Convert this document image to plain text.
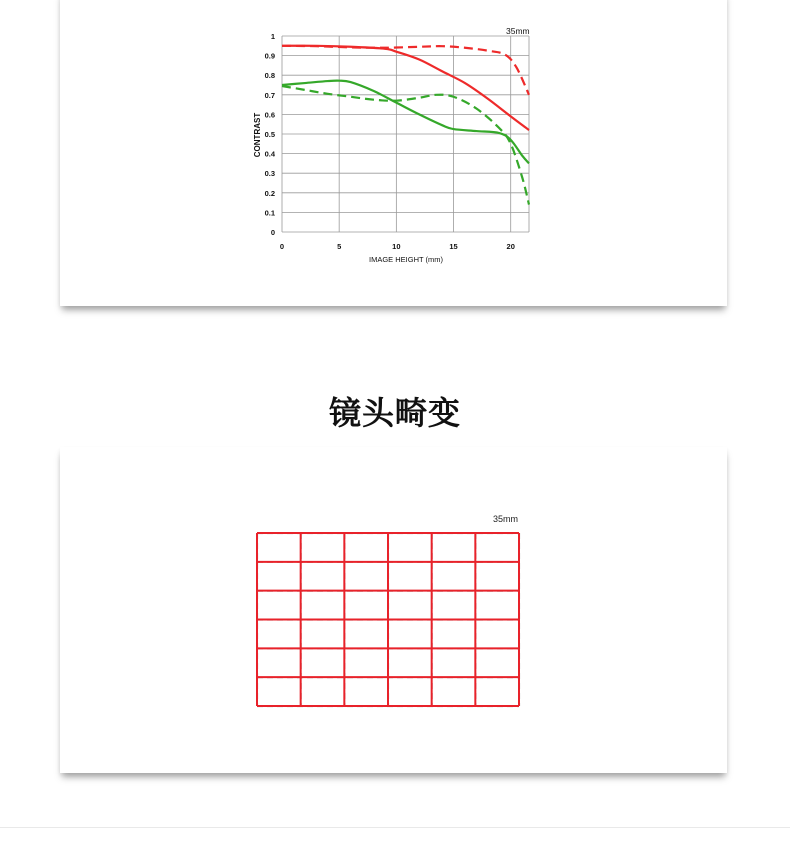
0
0.1
0.2
0.3
0.4
0.5
0.6
0.7
0.8
0.9
1
0	5	10	15	20
35mm
CONTRAST
IMAGE HEIGHT (mm)
镜头畸变
35mm
